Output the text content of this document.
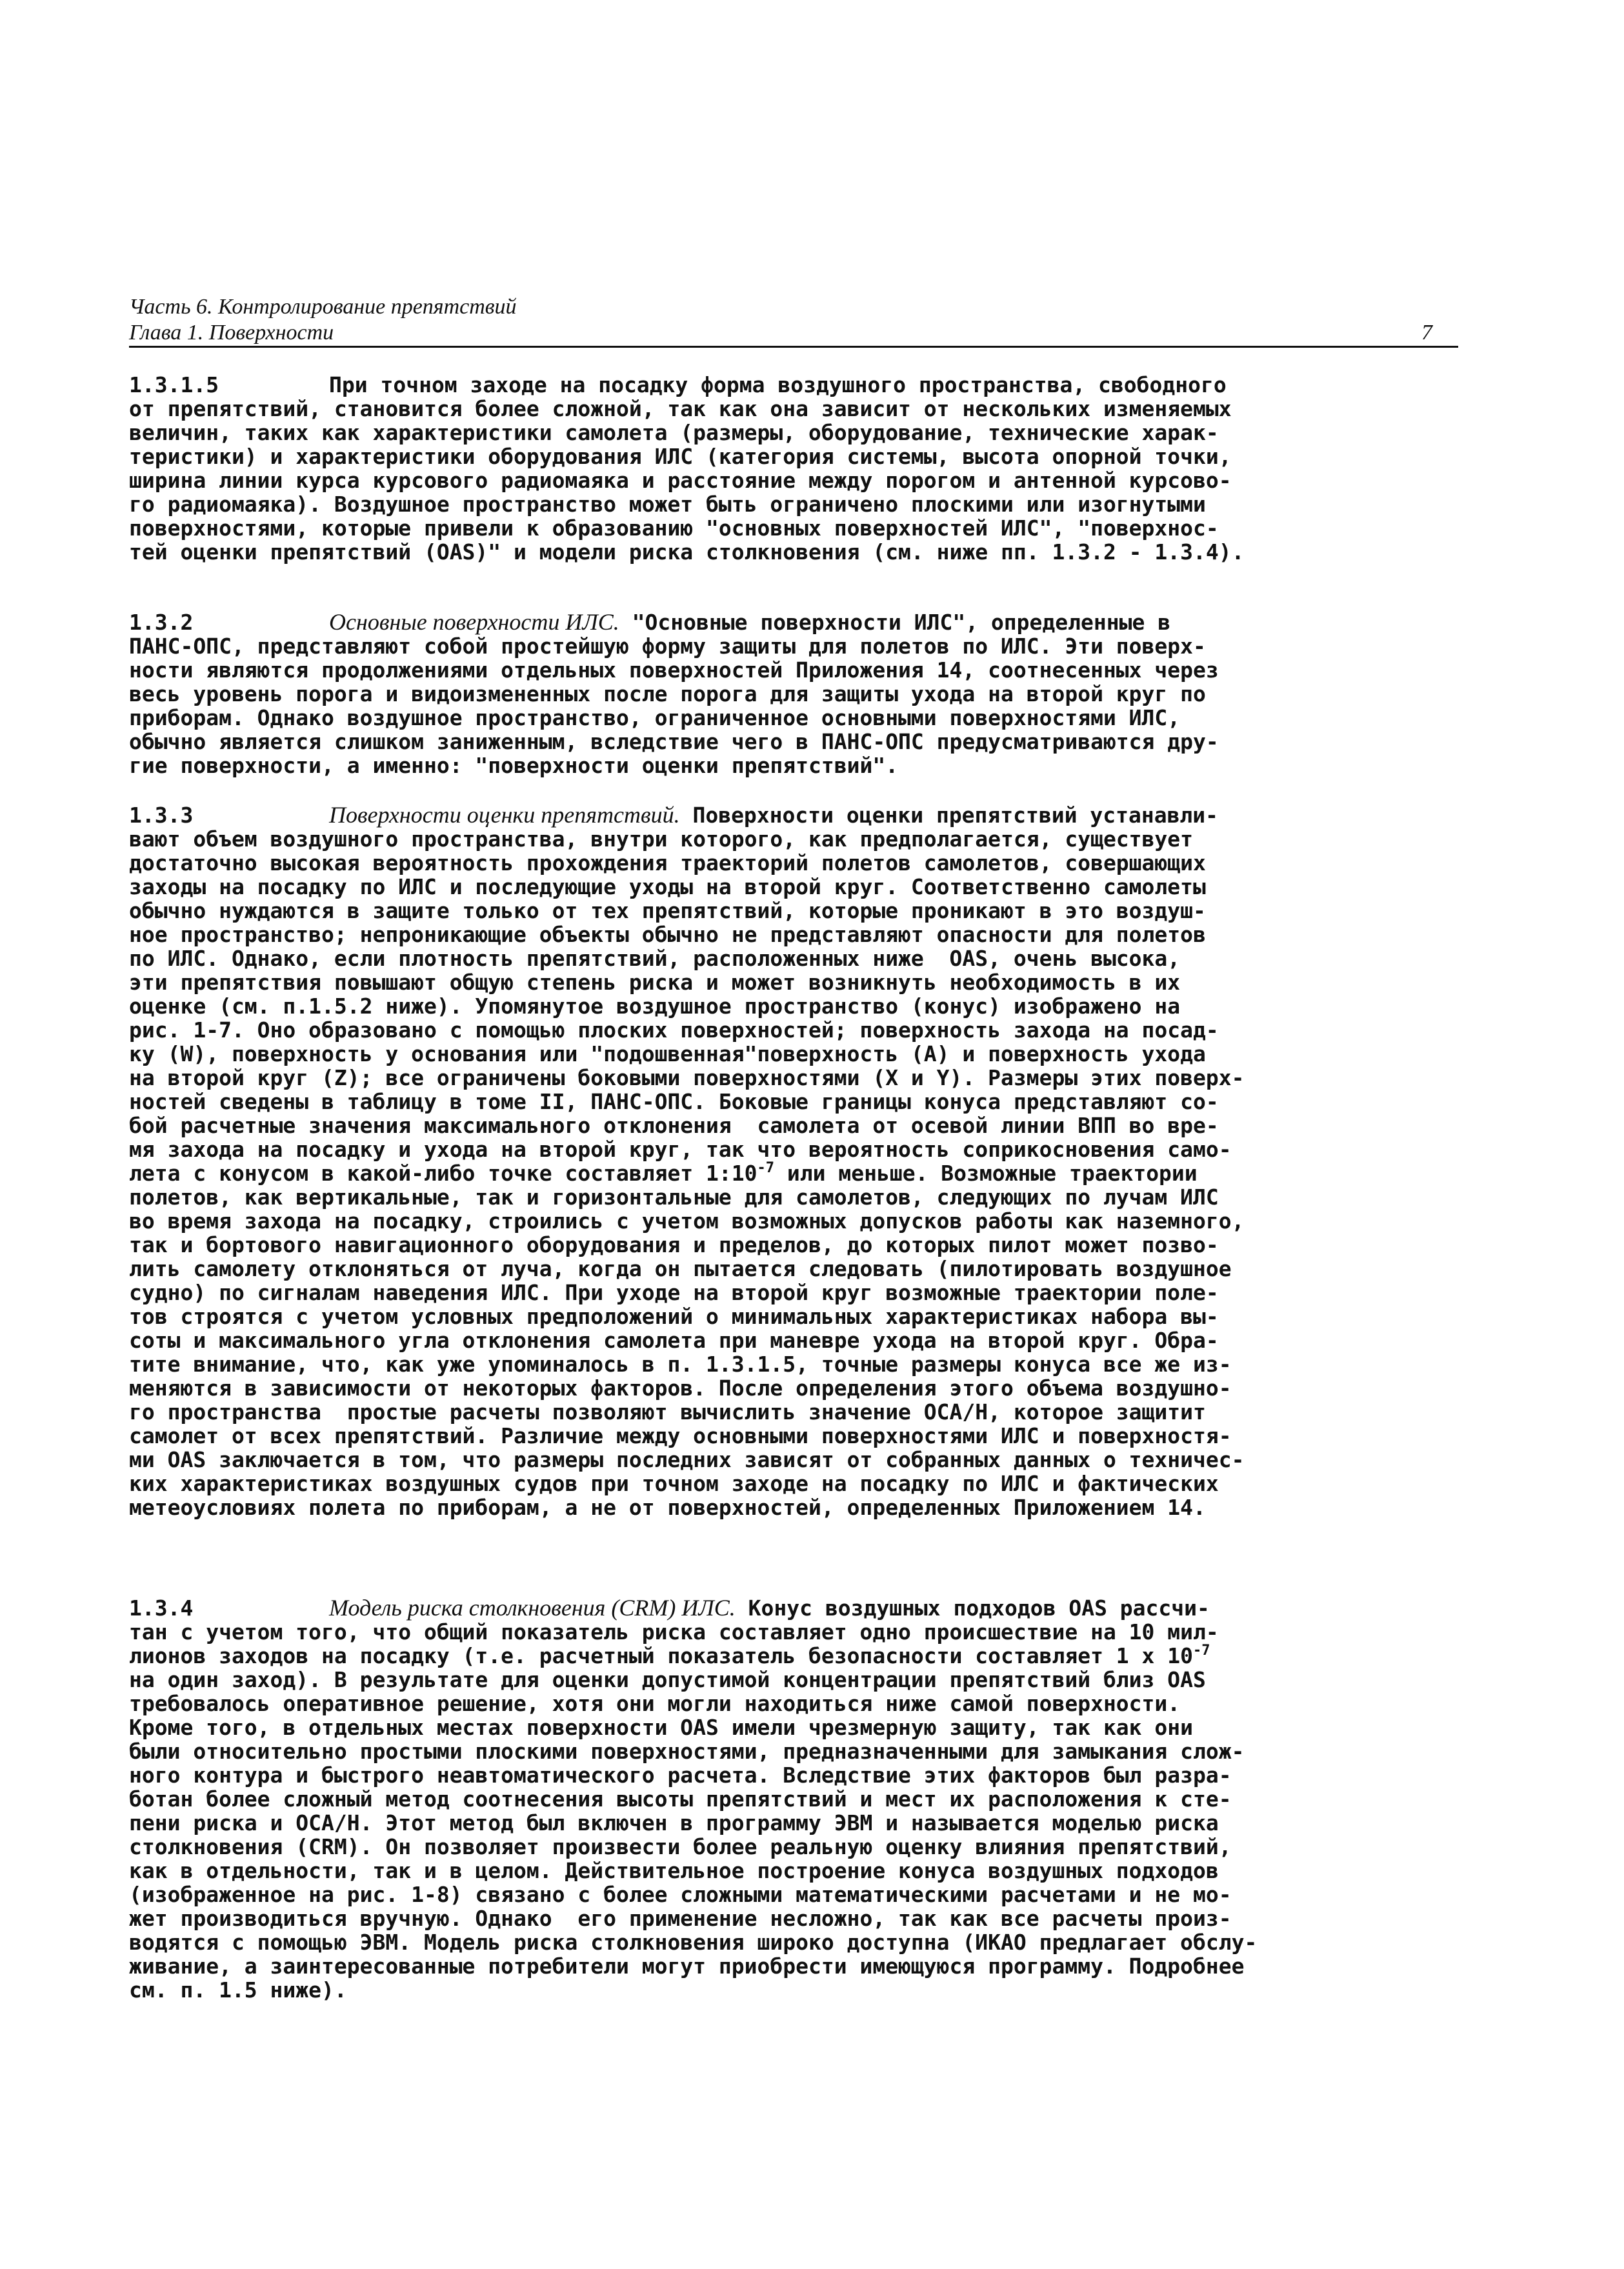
Часть 6. Контролирование препятствий
Глава 1. Поверхности	7
1.3.1.5	При точном заходе на посадку форма воздушного пространства, свободного
от препятствий, становится более сложной, так как она зависит от нескольких изменяемых
величин, таких как характеристики самолета (размеры, оборудование, технические харак-
теристики) и характеристики оборудования ИЛС (категория системы, высота опорной точки,
ширина линии курса курсового радиомаяка и расстояние между порогом и антенной курсово-
го радиомаяка). Воздушное пространство может быть ограничено плоскими или изогнутыми
поверхностями, которые привели к образованию "основных поверхностей ИЛС", "поверхнос-
тей оценки препятствий (OAS)" и модели риска столкновения (см. ниже пп. 1.3.2 - 1.3.4).
1.3.2	Основные поверхности ИЛС. "Основные поверхности ИЛС", определенные в
ПАНС-ОПС, представляют собой простейшую форму защиты для полетов по ИЛС. Эти поверх-
ности являются продолжениями отдельных поверхностей Приложения 14, соотнесенных через
весь уровень порога и видоизмененных после порога для защиты ухода на второй круг по
приборам. Однако воздушное пространство, ограниченное основными поверхностями ИЛС,
обычно является слишком заниженным, вследствие чего в ПАНС-ОПС предусматриваются дру-
гие поверхности, а именно: "поверхности оценки препятствий".
1.3.3	Поверхности оценки препятствий. Поверхности оценки препятствий устанавли-
вают объем воздушного пространства, внутри которого, как предполагается, существует
достаточно высокая вероятность прохождения траекторий полетов самолетов, совершающих
заходы на посадку по ИЛС и последующие уходы на второй круг. Соответственно самолеты
обычно нуждаются в защите только от тех препятствий, которые проникают в это воздуш-
ное пространство; непроникающие объекты обычно не представляют опасности для полетов
по ИЛС. Однако, если плотность препятствий, расположенных ниже  OAS, очень высока,
эти препятствия повышают общую степень риска и может возникнуть необходимость в их
оценке (см. п.1.5.2 ниже). Упомянутое воздушное пространство (конус) изображено на
рис. 1-7. Оно образовано с помощью плоских поверхностей; поверхность захода на посад-
ку (W), поверхность у основания или "подошвенная"поверхность (A) и поверхность ухода
на второй круг (Z); все ограничены боковыми поверхностями (X и Y). Размеры этих поверх-
ностей сведены в таблицу в томе II, ПАНС-ОПС. Боковые границы конуса представляют со-
бой расчетные значения максимального отклонения  самолета от осевой линии ВПП во вре-
мя захода на посадку и ухода на второй круг, так что вероятность соприкосновения само-
лета с конусом в какой-либо точке составляет $1:10^{-7}$ или меньше. Возможные траектории
полетов, как вертикальные, так и горизонтальные для самолетов, следующих по лучам ИЛС
во время захода на посадку, строились с учетом возможных допусков работы как наземного,
так и бортового навигационного оборудования и пределов, до которых пилот может позво-
лить самолету отклоняться от луча, когда он пытается следовать (пилотировать воздушное
судно) по сигналам наведения ИЛС. При уходе на второй круг возможные траектории поле-
тов строятся с учетом условных предположений о минимальных характеристиках набора вы-
соты и максимального угла отклонения самолета при маневре ухода на второй круг. Обра-
тите внимание, что, как уже упоминалось в п. 1.3.1.5, точные размеры конуса все же из-
меняются в зависимости от некоторых факторов. После определения этого объема воздушно-
го пространства  простые расчеты позволяют вычислить значение OCA/H, которое защитит
самолет от всех препятствий. Различие между основными поверхностями ИЛС и поверхностя-
ми OAS заключается в том, что размеры последних зависят от собранных данных о техничес-
ких характеристиках воздушных судов при точном заходе на посадку по ИЛС и фактических
метеоусловиях полета по приборам, а не от поверхностей, определенных Приложением 14.
1.3.4	Модель риска столкновения (CRM) ИЛС. Конус воздушных подходов OAS рассчи-
тан с учетом того, что общий показатель риска составляет одно происшествие на 10 мил-
лионов заходов на посадку (т.е. расчетный показатель безопасности составляет 1 x $10^{-7}$
на один заход). В результате для оценки допустимой концентрации препятствий близ OAS
требовалось оперативное решение, хотя они могли находиться ниже самой поверхности.
Кроме того, в отдельных местах поверхности OAS имели чрезмерную защиту, так как они
были относительно простыми плоскими поверхностями, предназначенными для замыкания слож-
ного контура и быстрого неавтоматического расчета. Вследствие этих факторов был разра-
ботан более сложный метод соотнесения высоты препятствий и мест их расположения к сте-
пени риска и OCA/H. Этот метод был включен в программу ЭВМ и называется моделью риска
столкновения (CRM). Он позволяет произвести более реальную оценку влияния препятствий,
как в отдельности, так и в целом. Действительное построение конуса воздушных подходов
(изображенное на рис. 1-8) связано с более сложными математическими расчетами и не мо-
жет производиться вручную. Однако  его применение несложно, так как все расчеты произ-
водятся с помощью ЭВМ. Модель риска столкновения широко доступна (ИКАО предлагает обслу-
живание, а заинтересованные потребители могут приобрести имеющуюся программу. Подробнее
см. п. 1.5 ниже).
